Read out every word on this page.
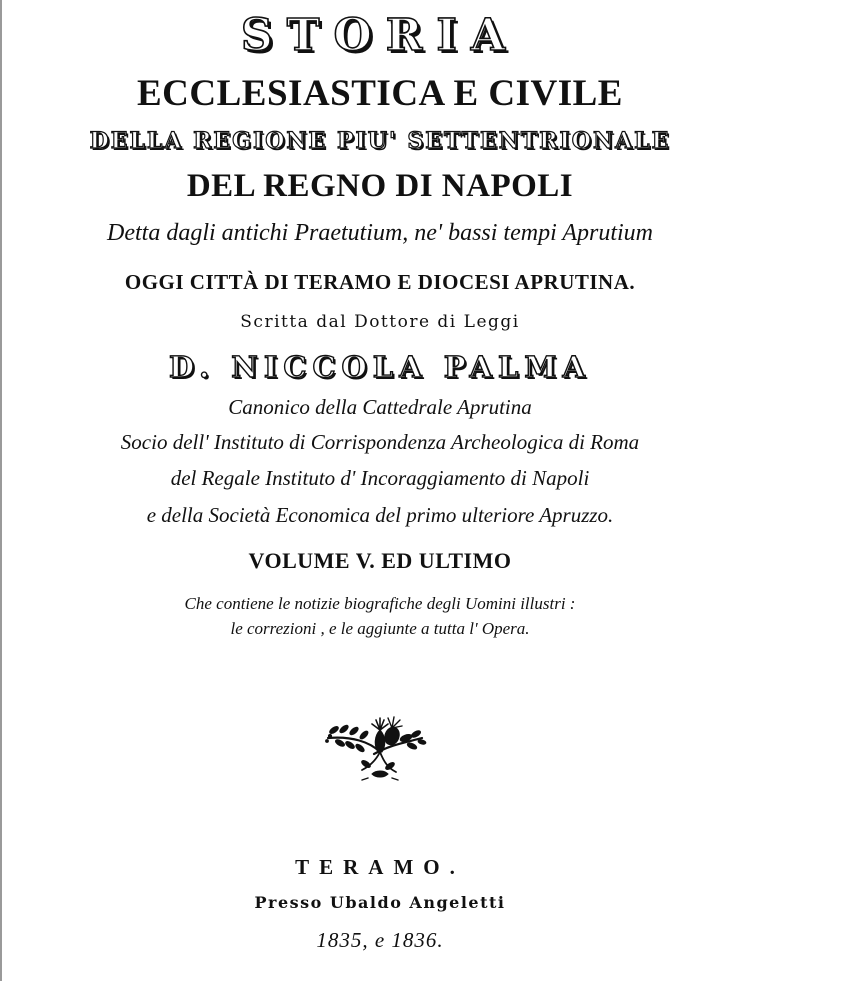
STORIA
ECCLESIASTICA E CIVILE
DELLA REGIONE PIU' SETTENTRIONALE
DEL REGNO DI NAPOLI
Detta dagli antichi Praetutium, ne' bassi tempi Aprutium
OGGI CITTÀ DI TERAMO E DIOCESI APRUTINA.
Scritta dal Dottore di Leggi
D. NICCOLA PALMA
Canonico della Cattedrale Aprutina
Socio dell' Instituto di Corrispondenza Archeologica di Roma
del Regale Instituto d' Incoraggiamento di Napoli
e della Società Economica del primo ulteriore Apruzzo.
VOLUME V. ED ULTIMO
Che contiene le notizie biografiche degli Uomini illustri :
le correzioni , e le aggiunte a tutta l' Opera.
TERAMO.
Presso Ubaldo Angeletti
1835, e 1836.
